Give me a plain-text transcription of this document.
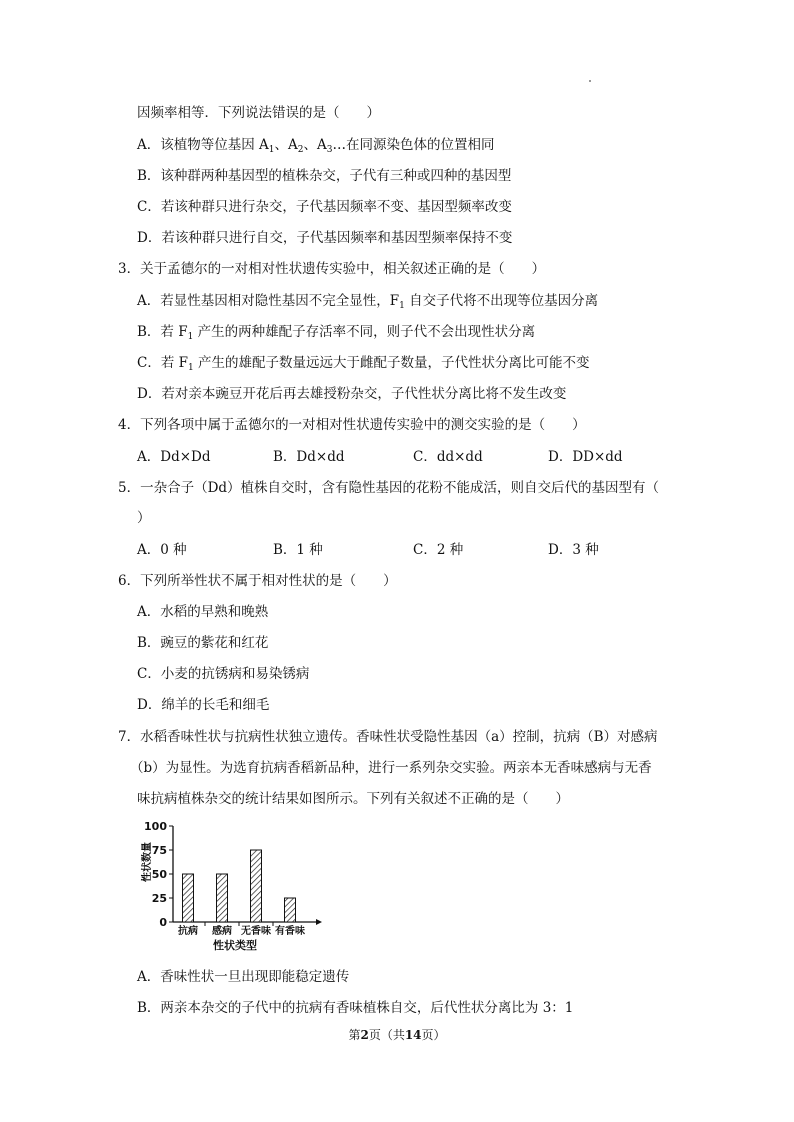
因频率相等．下列说法错误的是（　　）
A．该植物等位基因 $A_1$、$A_2$、$A_3\dots$在同源染色体的位置相同
B．该种群两种基因型的植株杂交，子代有三种或四种的基因型
C．若该种群只进行杂交，子代基因频率不变、基因型频率改变
D．若该种群只进行自交，子代基因频率和基因型频率保持不变
3．关于孟德尔的一对相对性状遗传实验中，相关叙述正确的是（　　）
A．若显性基因相对隐性基因不完全显性，$F_1$ 自交子代将不出现等位基因分离
B．若 $F_1$ 产生的两种雄配子存活率不同，则子代不会出现性状分离
C．若 $F_1$ 产生的雄配子数量远远大于雌配子数量，子代性状分离比可能不变
D．若对亲本豌豆开花后再去雄授粉杂交，子代性状分离比将不发生改变
4．下列各项中属于孟德尔的一对相对性状遗传实验中的测交实验的是（　　）
A．Dd×Dd	B．Dd×dd	C．dd×dd	D．DD×dd
5．一杂合子（Dd）植株自交时，含有隐性基因的花粉不能成活，则自交后代的基因型有（
）
A．0 种	B．1 种	C．2 种	D．3 种
6．下列所举性状不属于相对性状的是（　　）
A．水稻的早熟和晚熟
B．豌豆的紫花和红花
C．小麦的抗锈病和易染锈病
D．绵羊的长毛和细毛
7．水稻香味性状与抗病性状独立遗传。香味性状受隐性基因（a）控制，抗病（B）对感病
（b）为显性。为选育抗病香稻新品种，进行一系列杂交实验。两亲本无香味感病与无香
味抗病植株杂交的统计结果如图所示。下列有关叙述不正确的是（　　）
性状数量
0
25
50
75
100
抗病 感病 无香味 有香味
性状类型
A．香味性状一旦出现即能稳定遗传
B．两亲本杂交的子代中的抗病有香味植株自交，后代性状分离比为 3：1
第2页（共14页）
